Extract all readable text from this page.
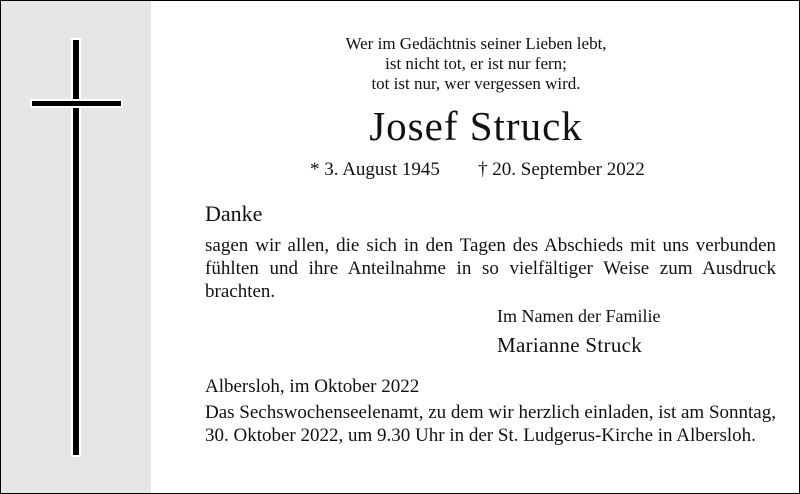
Wer im Gedächtnis seiner Lieben lebt,
ist nicht tot, er ist nur fern;
tot ist nur, wer vergessen wird.
Josef Struck
* 3. August 1945 † 20. September 2022
Danke
sagen wir allen, die sich in den Tagen des Abschieds mit uns verbunden fühlten und ihre Anteilnahme in so vielfältiger Weise zum Ausdruck brachten.
Im Namen der Familie
Marianne Struck
Albersloh, im Oktober 2022
Das Sechswochenseelenamt, zu dem wir herzlich einladen, ist am Sonntag, 30. Oktober 2022, um 9.30 Uhr in der St. Ludgerus-Kirche in Albersloh.
